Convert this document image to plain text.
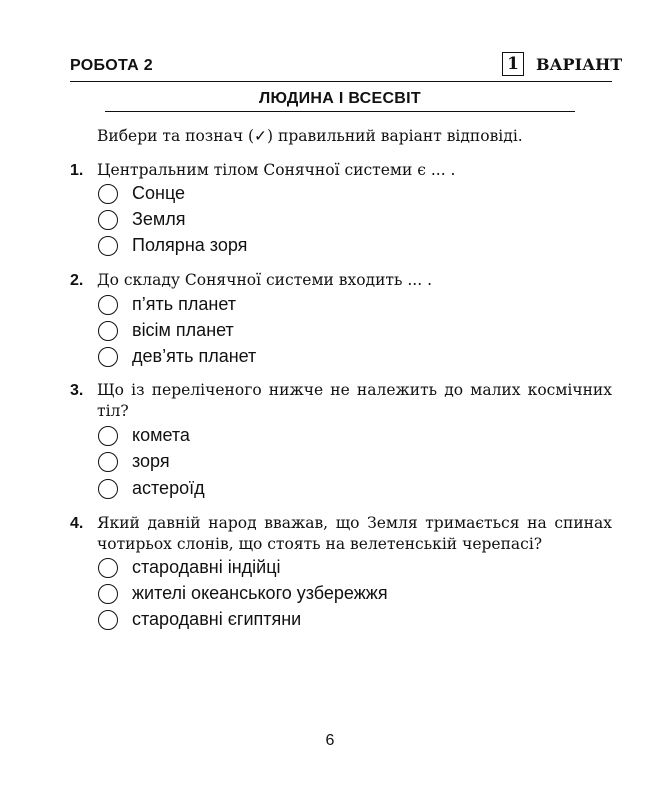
РОБОТА 2	1	ВАРІАНТ
ЛЮДИНА І ВСЕСВІТ
Вибери та познач (✓) правильний варіант відповіді.
1. Центральним тілом Сонячної системи є ... .
Сонце
Земля
Полярна зоря
2. До складу Сонячної системи входить ... .
п’ять планет
вісім планет
дев’ять планет
3. Що із переліченого нижче не належить до малих космічних тіл?
комета
зоря
астероїд
4. Який давній народ вважав, що Земля тримається на спинах чотирьох слонів, що стоять на велетенській черепасі?
стародавні індійці
жителі океанського узбережжя
стародавні єгиптяни
6
